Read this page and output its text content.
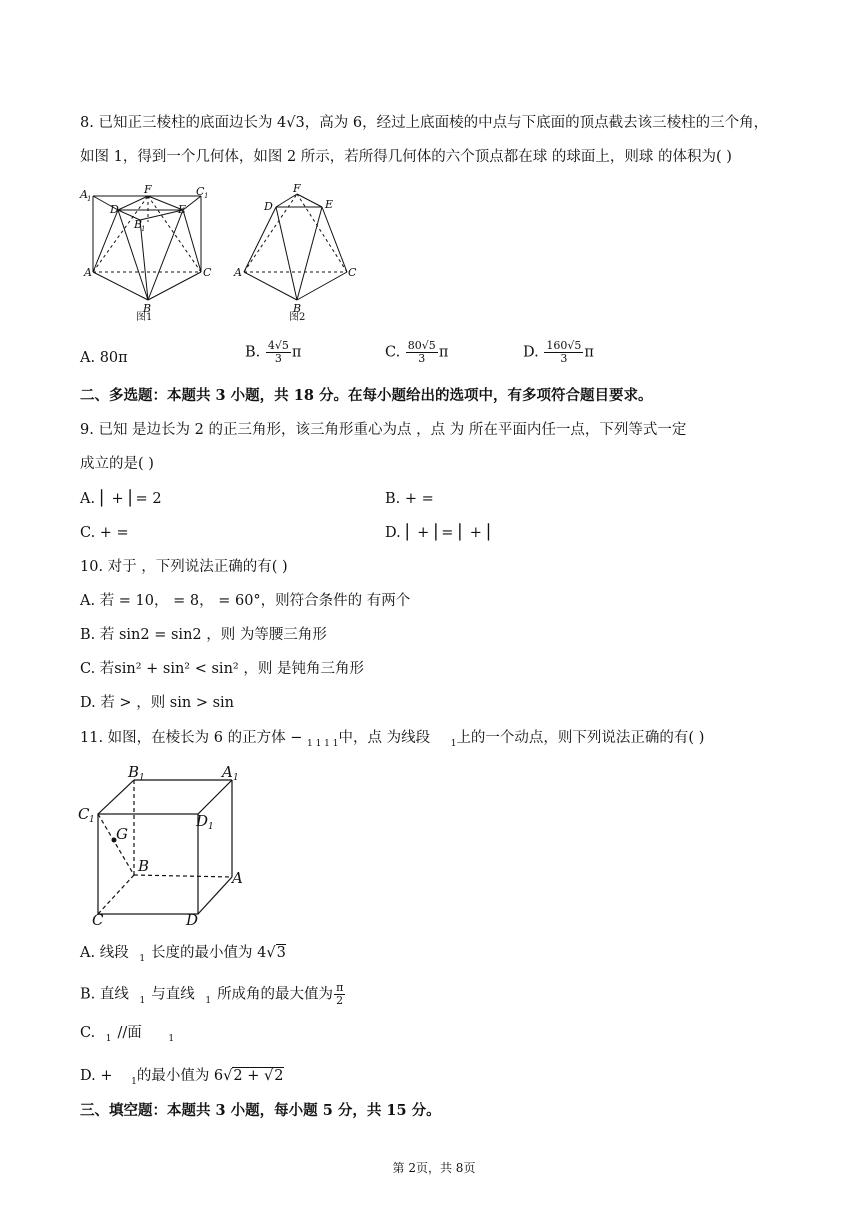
8. 已知正三棱柱的底面边长为 4√3，高为 6，经过上底面棱的中点与下底面的顶点截去该三棱柱的三个角，
如图 1，得到一个几何体，如图 2 所示，若所得几何体的六个顶点都在球 的球面上，则球 的体积为( )
A 1
F	C 1
D	E
B
1
A	C
B
图1
F
D	E
A	C
B
图2
A. 80π	B. $\frac{4√5}{3}$ π	C. $\frac{80√5}{3}$ π	D. $\frac{160√5}{3}$ π
二、多选题：本题共 3 小题，共 18 分。在每小题给出的选项中，有多项符合题目要求。
9. 已知 是边长为 2 的正三角形，该三角形重心为点 ，点 为 所在平面内任一点，下列等式一定
成立的是( )
A. ⎢ + ⎢= 2	B. + =
C. + =	D. ⎢ + ⎢= ⎢ + ⎢
10. 对于 ，下列说法正确的有( )
A. 若 = 10， = 8， = 60°，则符合条件的 有两个
B. 若 sin2 = sin2 ，则 为等腰三角形
C. 若sin² + sin² < sin² ，则 是钝角三角形
D. 若 > ，则 sin > sin
11. 如图，在棱长为 6 的正方体 − $_{1 1 1 1}$中，点 为线段 $_1$上的一个动点，则下列说法正确的有( )
B 1	A 1
C 1	D 1
G
B
A
C	D
A. 线段 $_1$ 长度的最小值为 4√3
B. 直线 $_1$ 与直线 $_1$ 所成角的最大值为 $\frac{\pi}{2}$
C. $_1$ //面	$_1$
D. + $_1$的最小值为 6√2 + √2
三、填空题：本题共 3 小题，每小题 5 分，共 15 分。
第 2页，共 8页
